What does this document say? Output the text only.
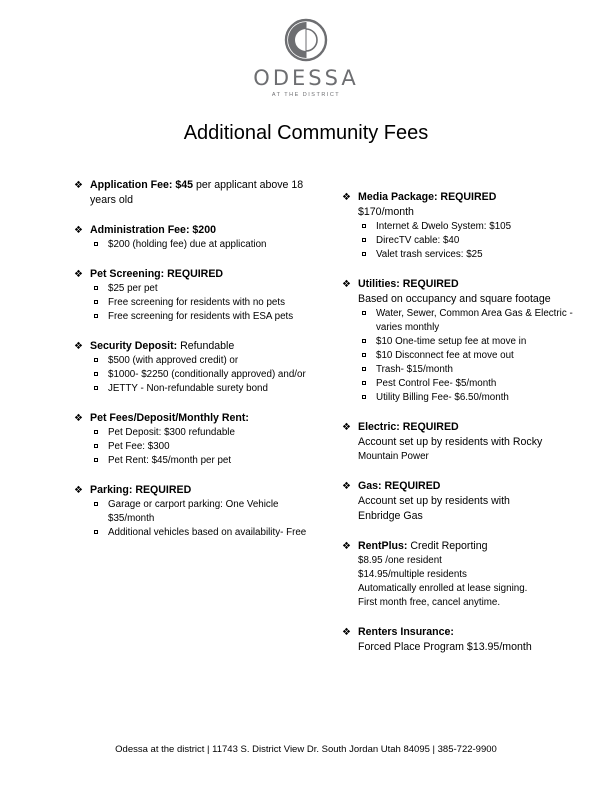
ODESSA
AT THE DISTRICT
Additional Community Fees
❖ Application Fee: $45 per applicant above 18 years old
❖ Administration Fee: $200
$200 (holding fee) due at application
❖ Pet Screening: REQUIRED
$25 per pet
Free screening for residents with no pets
Free screening for residents with ESA pets
❖ Security Deposit: Refundable
$500 (with approved credit) or
$1000- $2250 (conditionally approved) and/or
JETTY - Non-refundable surety bond
❖ Pet Fees/Deposit/Monthly Rent:
Pet Deposit: $300 refundable
Pet Fee: $300
Pet Rent: $45/month per pet
❖ Parking: REQUIRED
Garage or carport parking: One Vehicle $35/month
Additional vehicles based on availability- Free
❖ Media Package: REQUIRED
$170/month
Internet & Dwelo System: $105
DirecTV cable: $40
Valet trash services: $25
❖ Utilities: REQUIRED
Based on occupancy and square footage
Water, Sewer, Common Area Gas & Electric -varies monthly
$10 One-time setup fee at move in
$10 Disconnect fee at move out
Trash- $15/month
Pest Control Fee- $5/month
Utility Billing Fee- $6.50/month
❖ Electric: REQUIRED
Account set up by residents with Rocky
Mountain Power
❖ Gas: REQUIRED
Account set up by residents with
Enbridge Gas
❖ RentPlus: Credit Reporting
$8.95 /one resident
$14.95/multiple residents
Automatically enrolled at lease signing.
First month free, cancel anytime.
❖ Renters Insurance:
Forced Place Program $13.95/month
Odessa at the district | 11743 S. District View Dr. South Jordan Utah 84095 | 385-722-9900
